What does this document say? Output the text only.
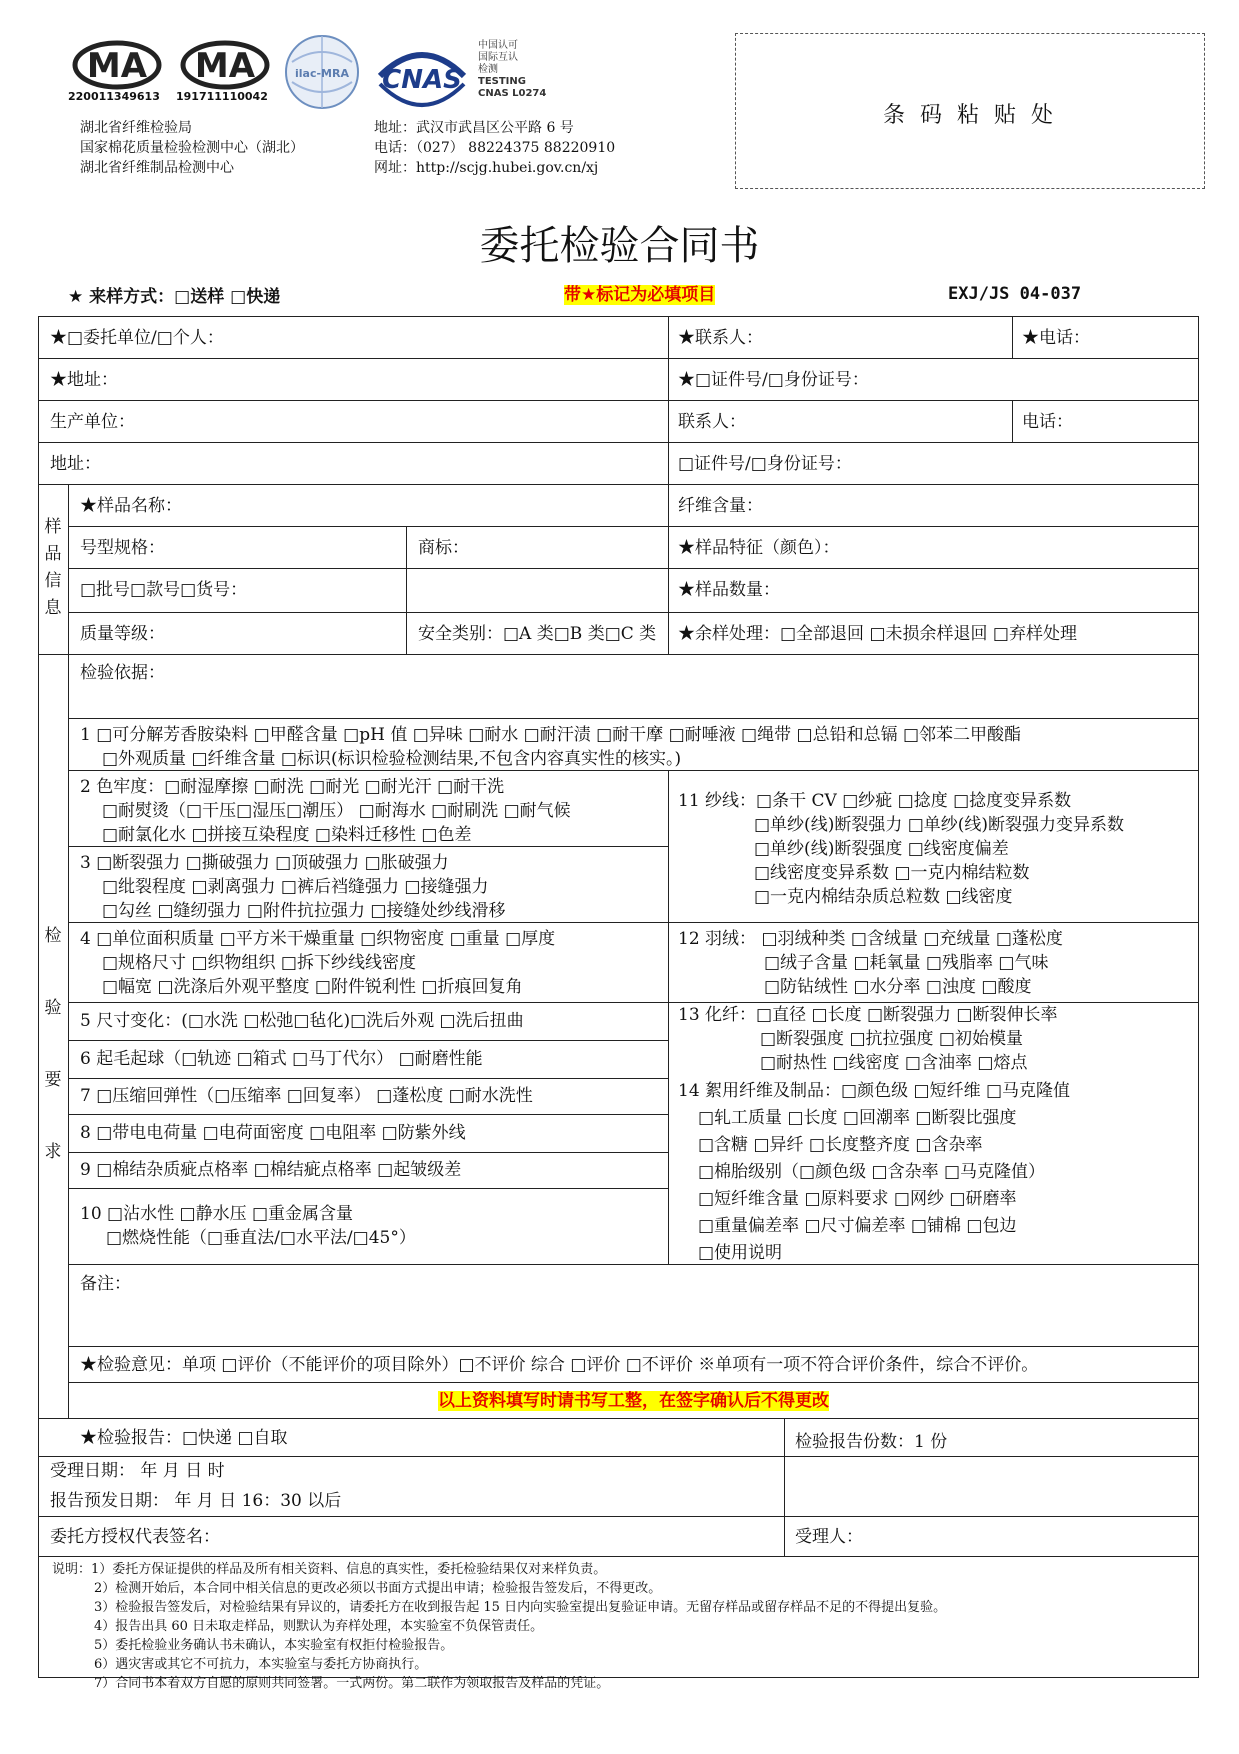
MA
220011349613
MA
191711110042
ilac-MRA CNAS
中国认可
国际互认
检测
TESTING
CNAS L0274
湖北省纤维检验局
国家棉花质量检验检测中心（湖北）
湖北省纤维制品检测中心
地址：武汉市武昌区公平路 6 号
电话：（027） 88224375 88220910
网址：http://scjg.hubei.gov.cn/xj
条 码 粘 贴 处
委托检验合同书
★ 来样方式：□送样 □快递	带★标记为必填项目	EXJ/JS 04-037
★□委托单位/□个人：	★联系人：	★电话：
★地址：	★□证件号/□身份证号：
生产单位：	联系人：	电话：
地址：	□证件号/□身份证号：
样
品
信
息
★样品名称：	纤维含量：
号型规格：	商标：	★样品特征（颜色）：
□批号□款号□货号：	★样品数量：
质量等级：	安全类别：□A 类□B 类□C 类	★余样处理：□全部退回 □未损余样退回 □弃样处理
检
验
要
求
检验依据：
1 □可分解芳香胺染料 □甲醛含量 □pH 值 □异味 □耐水 □耐汗渍 □耐干摩 □耐唾液 □绳带 □总铅和总镉 □邻苯二甲酸酯
□外观质量 □纤维含量 □标识(标识检验检测结果,不包含内容真实性的核实。)
2 色牢度：□耐湿摩擦 □耐洗 □耐光 □耐光汗 □耐干洗
□耐熨烫（□干压□湿压□潮压） □耐海水 □耐刷洗 □耐气候
□耐氯化水 □拼接互染程度 □染料迁移性 □色差
3 □断裂强力 □撕破强力 □顶破强力 □胀破强力
□纰裂程度 □剥离强力 □裤后裆缝强力 □接缝强力
□勾丝 □缝纫强力 □附件抗拉强力 □接缝处纱线滑移
4 □单位面积质量 □平方米干燥重量 □织物密度 □重量 □厚度
□规格尺寸 □织物组织 □拆下纱线线密度
□幅宽 □洗涤后外观平整度 □附件锐利性 □折痕回复角
5 尺寸变化：(□水洗 □松弛□毡化)□洗后外观 □洗后扭曲
6 起毛起球（□轨迹 □箱式 □马丁代尔） □耐磨性能
7 □压缩回弹性（□压缩率 □回复率） □蓬松度 □耐水洗性
8 □带电电荷量 □电荷面密度 □电阻率 □防紫外线
9 □棉结杂质疵点格率 □棉结疵点格率 □起皱级差
10 □沾水性 □静水压 □重金属含量
□燃烧性能（□垂直法/□水平法/□45°）
11 纱线：□条干 CV □纱疵 □捻度 □捻度变异系数
□单纱(线)断裂强力 □单纱(线)断裂强力变异系数
□单纱(线)断裂强度 □线密度偏差
□线密度变异系数 □一克内棉结粒数
□一克内棉结杂质总粒数 □线密度
12 羽绒： □羽绒种类 □含绒量 □充绒量 □蓬松度
□绒子含量 □耗氧量 □残脂率 □气味
□防钻绒性 □水分率 □浊度 □酸度
13 化纤：□直径 □长度 □断裂强力 □断裂伸长率
□断裂强度 □抗拉强度 □初始模量
□耐热性 □线密度 □含油率 □熔点
14 絮用纤维及制品：□颜色级 □短纤维 □马克隆值
□轧工质量 □长度 □回潮率 □断裂比强度
□含糖 □异纤 □长度整齐度 □含杂率
□棉胎级别（□颜色级 □含杂率 □马克隆值）
□短纤维含量 □原料要求 □网纱 □研磨率
□重量偏差率 □尺寸偏差率 □铺棉 □包边
□使用说明
备注：
★检验意见：单项 □评价（不能评价的项目除外）□不评价 综合 □评价 □不评价 ※单项有一项不符合评价条件，综合不评价。
以上资料填写时请书写工整，在签字确认后不得更改
★检验报告：□快递 □自取	检验报告份数：1 份
受理日期： 年 月 日 时
报告预发日期： 年 月 日 16：30 以后
委托方授权代表签名：	受理人：
说明：1）委托方保证提供的样品及所有相关资料、信息的真实性，委托检验结果仅对来样负责。
2）检测开始后，本合同中相关信息的更改必须以书面方式提出申请；检验报告签发后，不得更改。
3）检验报告签发后，对检验结果有异议的，请委托方在收到报告起 15 日内向实验室提出复验证申请。无留存样品或留存样品不足的不得提出复验。
4）报告出具 60 日未取走样品，则默认为弃样处理，本实验室不负保管责任。
5）委托检验业务确认书未确认，本实验室有权拒付检验报告。
6）遇灾害或其它不可抗力，本实验室与委托方协商执行。
7）合同书本着双方自愿的原则共同签署。一式两份。第二联作为领取报告及样品的凭证。
